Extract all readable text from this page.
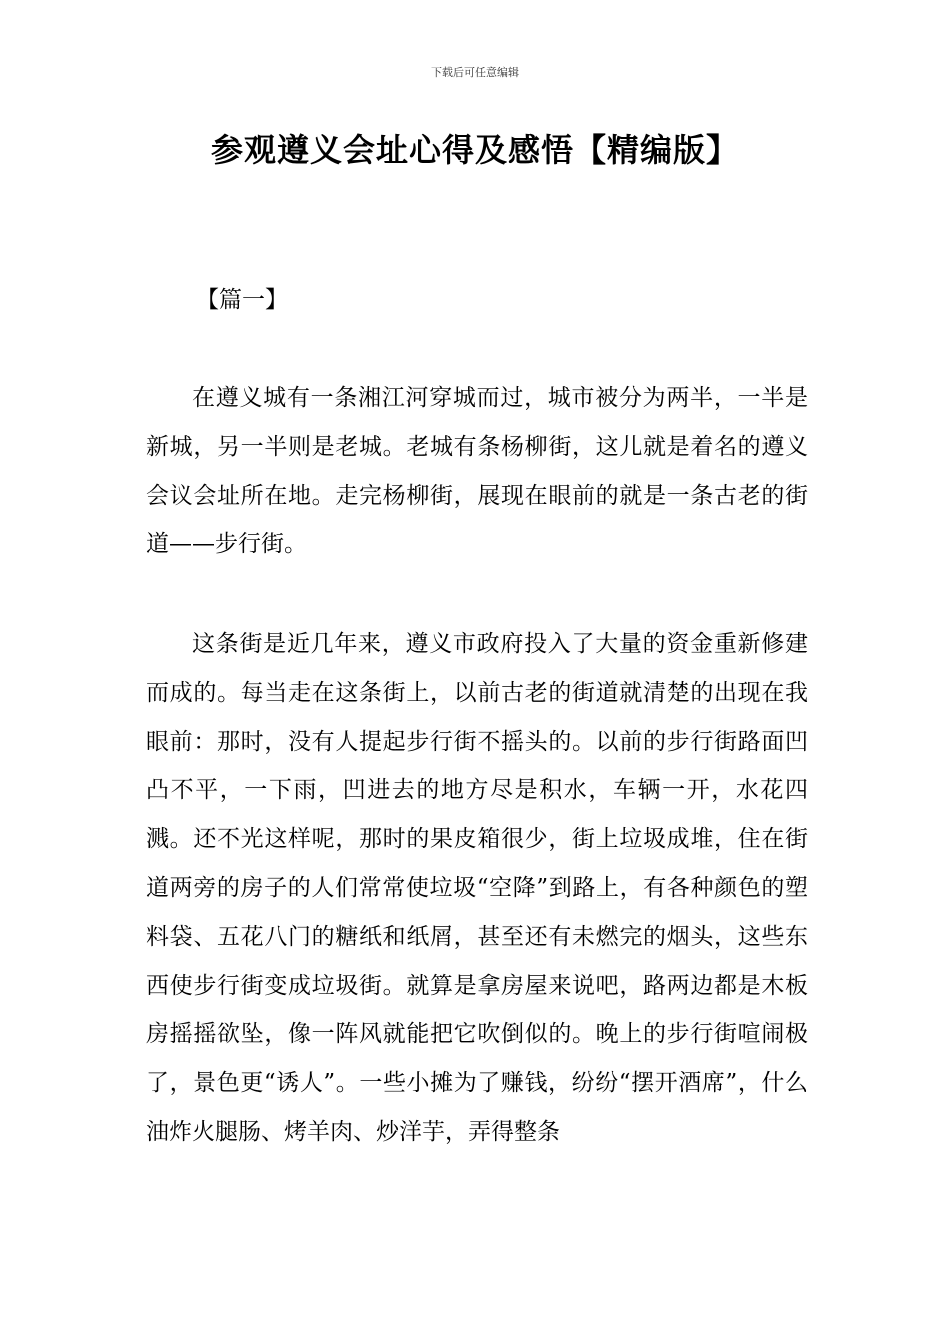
下载后可任意编辑
参观遵义会址心得及感悟【精编版】
【篇一】

在遵义城有一条湘江河穿城而过，城市被分为两半，一半是新城，另一半则是老城。老城有条杨柳街，这儿就是着名的遵义会议会址所在地。走完杨柳街，展现在眼前的就是一条古老的街道——步行街。

这条街是近几年来，遵义市政府投入了大量的资金重新修建而成的。每当走在这条街上，以前古老的街道就清楚的出现在我眼前：那时，没有人提起步行街不摇头的。以前的步行街路面凹凸不平，一下雨，凹进去的地方尽是积水，车辆一开，水花四溅。还不光这样呢，那时的果皮箱很少，街上垃圾成堆，住在街道两旁的房子的人们常常使垃圾“空降”到路上，有各种颜色的塑料袋、五花八门的糖纸和纸屑，甚至还有未燃完的烟头，这些东西使步行街变成垃圾街。就算是拿房屋来说吧，路两边都是木板房摇摇欲坠，像一阵风就能把它吹倒似的。晚上的步行街喧闹极了，景色更“诱人”。一些小摊为了赚钱，纷纷“摆开酒席”，什么油炸火腿肠、烤羊肉、炒洋芋，弄得整条
